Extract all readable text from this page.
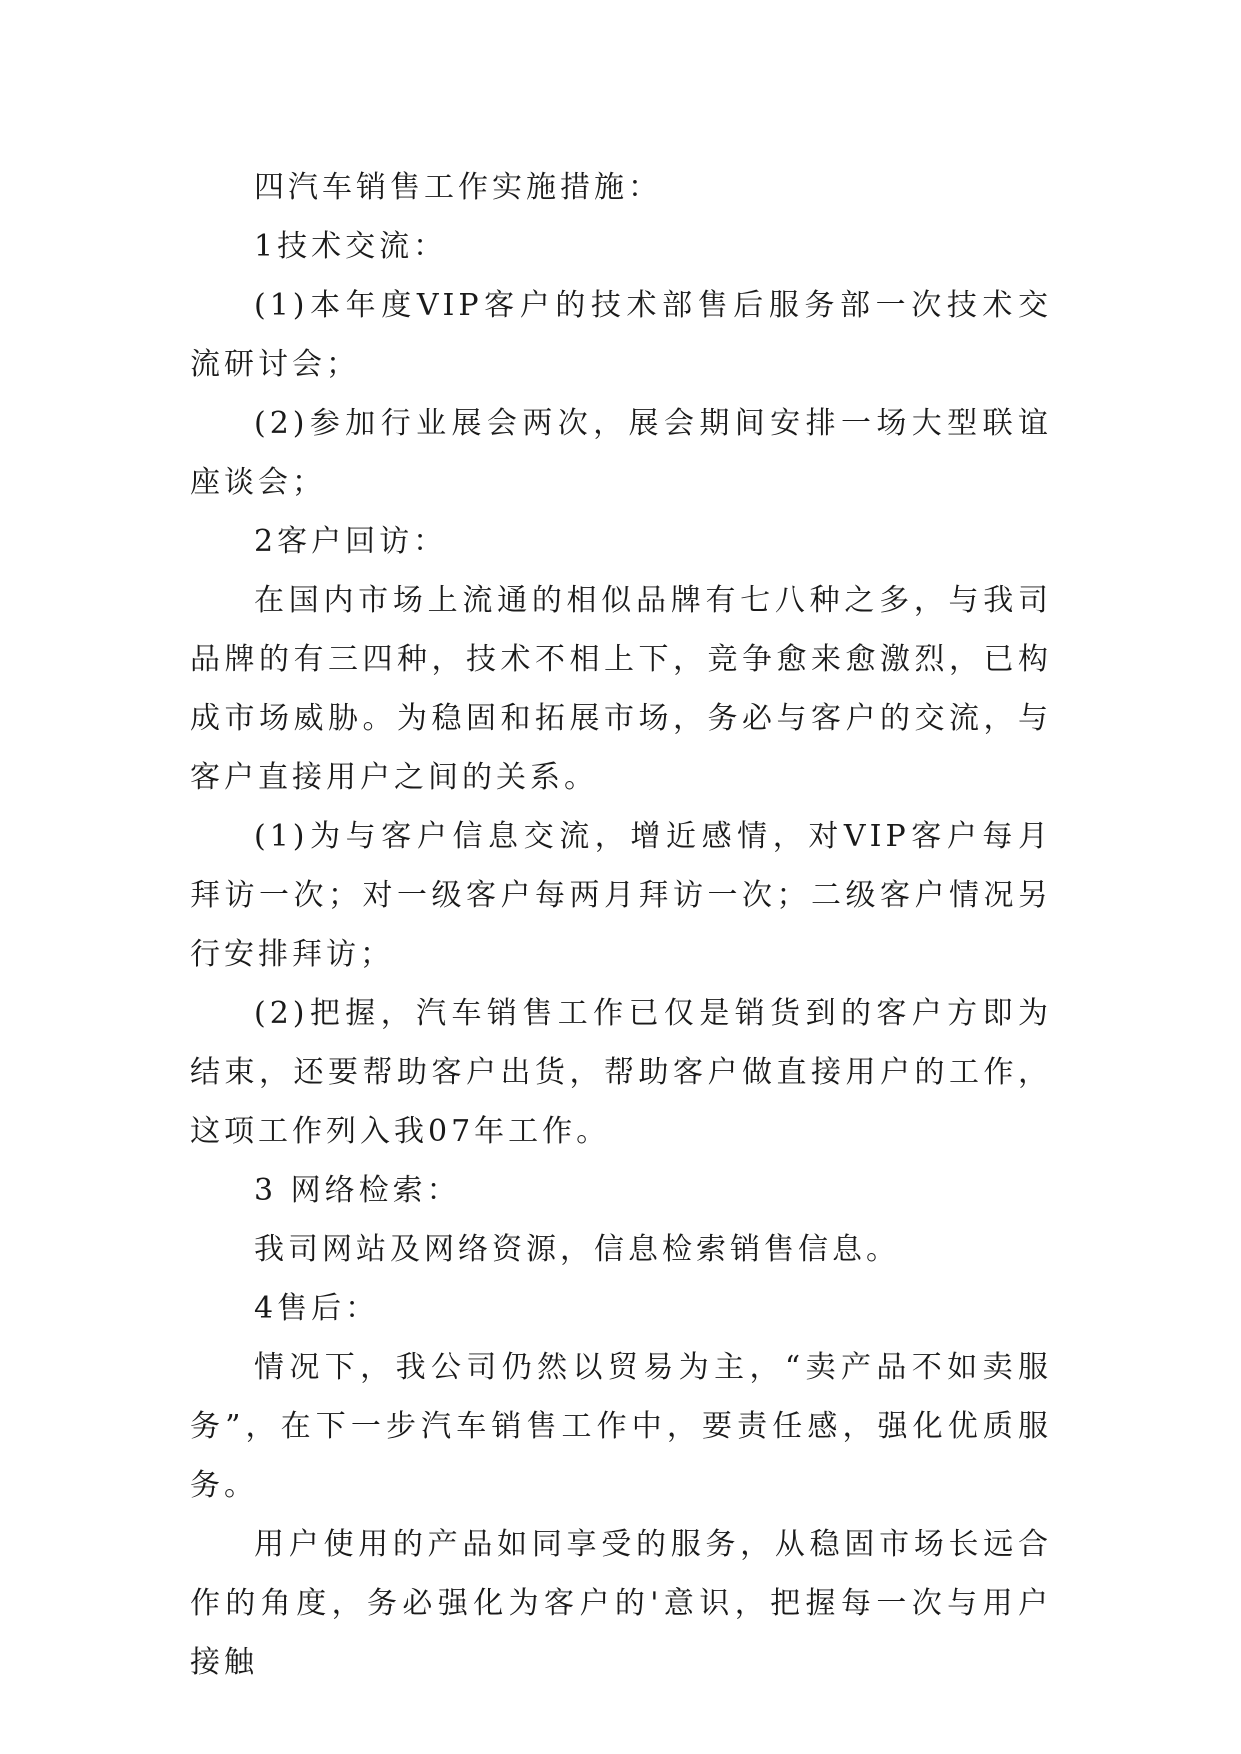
四汽车销售工作实施措施：

1技术交流：

(1)本年度VIP客户的技术部售后服务部一次技术交流研讨会；

(2)参加行业展会两次，展会期间安排一场大型联谊座谈会；

2客户回访：

在国内市场上流通的相似品牌有七八种之多，与我司品牌的有三四种，技术不相上下，竞争愈来愈激烈，已构成市场威胁。为稳固和拓展市场，务必与客户的交流，与客户直接用户之间的关系。

(1)为与客户信息交流，增近感情，对VIP客户每月拜访一次；对一级客户每两月拜访一次；二级客户情况另行安排拜访；

(2)把握，汽车销售工作已仅是销货到的客户方即为结束，还要帮助客户出货，帮助客户做直接用户的工作，这项工作列入我07年工作。

3 网络检索：

我司网站及网络资源，信息检索销售信息。

4售后：

情况下，我公司仍然以贸易为主，“卖产品不如卖服务”，在下一步汽车销售工作中，要责任感，强化优质服务。

用户使用的产品如同享受的服务，从稳固市场长远合作的角度，务必强化为客户的'意识，把握每一次与用户接触
